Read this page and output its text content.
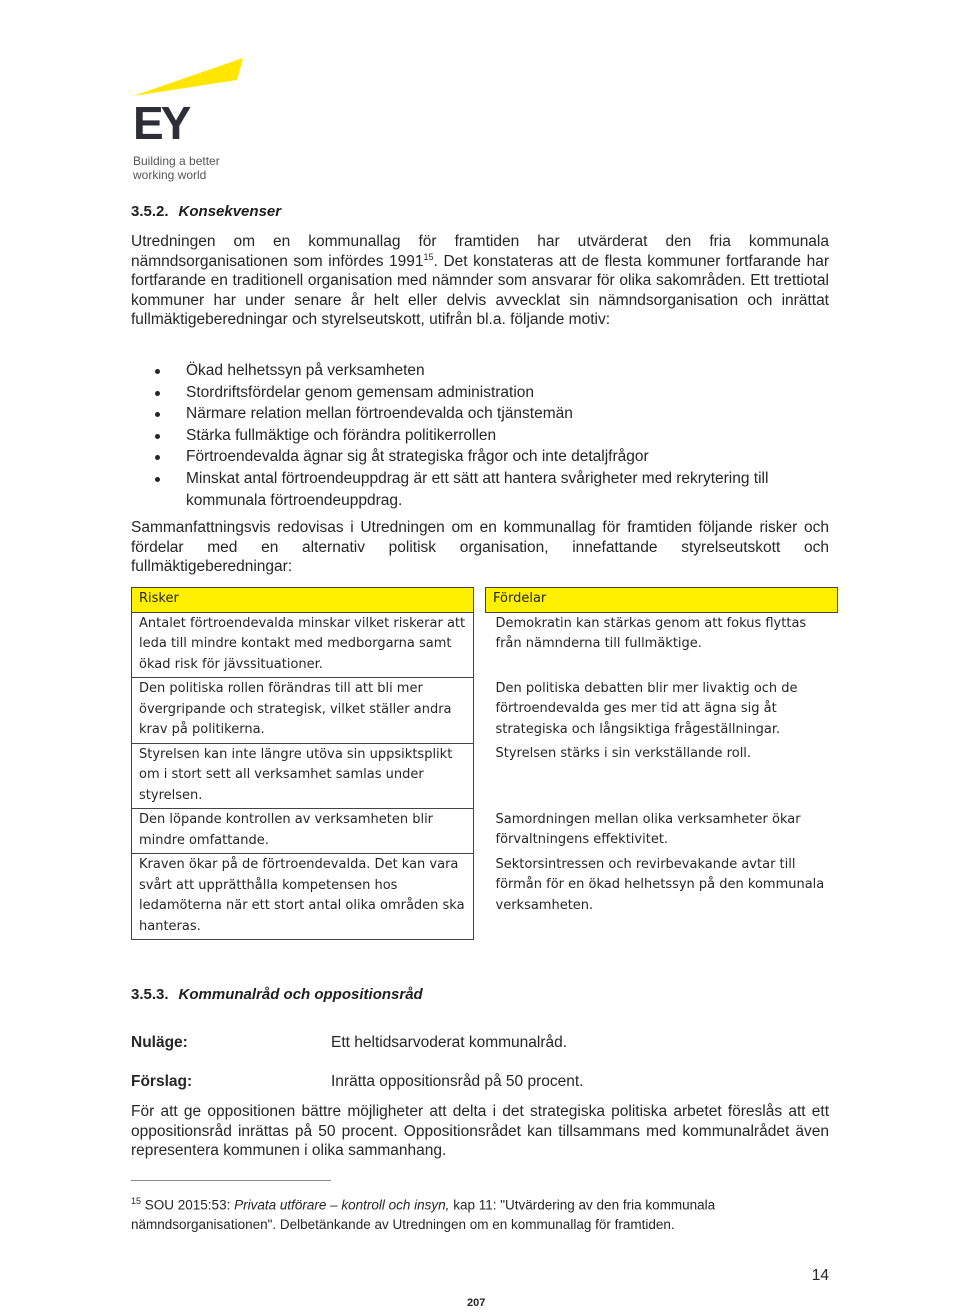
EY
Building a better
working world
3.5.2. Konsekvenser

Utredningen om en kommunallag för framtiden har utvärderat den fria kommunala nämndsorganisationen som infördes 1991$^{15}$. Det konstateras att de flesta kommuner fortfarande har fortfarande en traditionell organisation med nämnder som ansvarar för olika sakområden. Ett trettiotal kommuner har under senare år helt eller delvis avvecklat sin nämndsorganisation och inrättat fullmäktigeberedningar och styrelseutskott, utifrån bl.a. följande motiv:

Ökad helhetssyn på verksamheten
Stordriftsfördelar genom gemensam administration
Närmare relation mellan förtroendevalda och tjänstemän
Stärka fullmäktige och förändra politikerrollen
Förtroendevalda ägnar sig åt strategiska frågor och inte detaljfrågor
Minskat antal förtroendeuppdrag är ett sätt att hantera svårigheter med rekrytering till kommunala förtroendeuppdrag.

Sammanfattningsvis redovisas i Utredningen om en kommunallag för framtiden följande risker och fördelar med en alternativ politisk organisation, innefattande styrelseutskott och fullmäktigeberedningar:

Risker		Fördelar
Antalet förtroendevalda minskar vilket riskerar att leda till mindre kontakt med medborgarna samt ökad risk för jävssituationer.		Demokratin kan stärkas genom att fokus flyttas från nämnderna till fullmäktige.
Den politiska rollen förändras till att bli mer övergripande och strategisk, vilket ställer andra krav på politikerna.		Den politiska debatten blir mer livaktig och de förtroendevalda ges mer tid att ägna sig åt strategiska och långsiktiga frågeställningar.
Styrelsen kan inte längre utöva sin uppsiktsplikt om i stort sett all verksamhet samlas under styrelsen.		Styrelsen stärks i sin verkställande roll.
Den löpande kontrollen av verksamheten blir mindre omfattande.		Samordningen mellan olika verksamheter ökar förvaltningens effektivitet.
Kraven ökar på de förtroendevalda. Det kan vara svårt att upprätthålla kompetensen hos ledamöterna när ett stort antal olika områden ska hanteras.		Sektorsintressen och revirbevakande avtar till förmån för en ökad helhetssyn på den kommunala verksamheten.
3.5.3. Kommunalråd och oppositionsråd
Nuläge:	Ett heltidsarvoderat kommunalråd.
Förslag:	Inrätta oppositionsråd på 50 procent.

För att ge oppositionen bättre möjligheter att delta i det strategiska politiska arbetet föreslås att ett oppositionsråd inrättas på 50 procent. Oppositionsrådet kan tillsammans med kommunalrådet även representera kommunen i olika sammanhang.

$^{15}$ SOU 2015:53: Privata utförare – kontroll och insyn, kap 11: "Utvärdering av den fria kommunala nämndsorganisationen". Delbetänkande av Utredningen om en kommunallag för framtiden.

14
207
